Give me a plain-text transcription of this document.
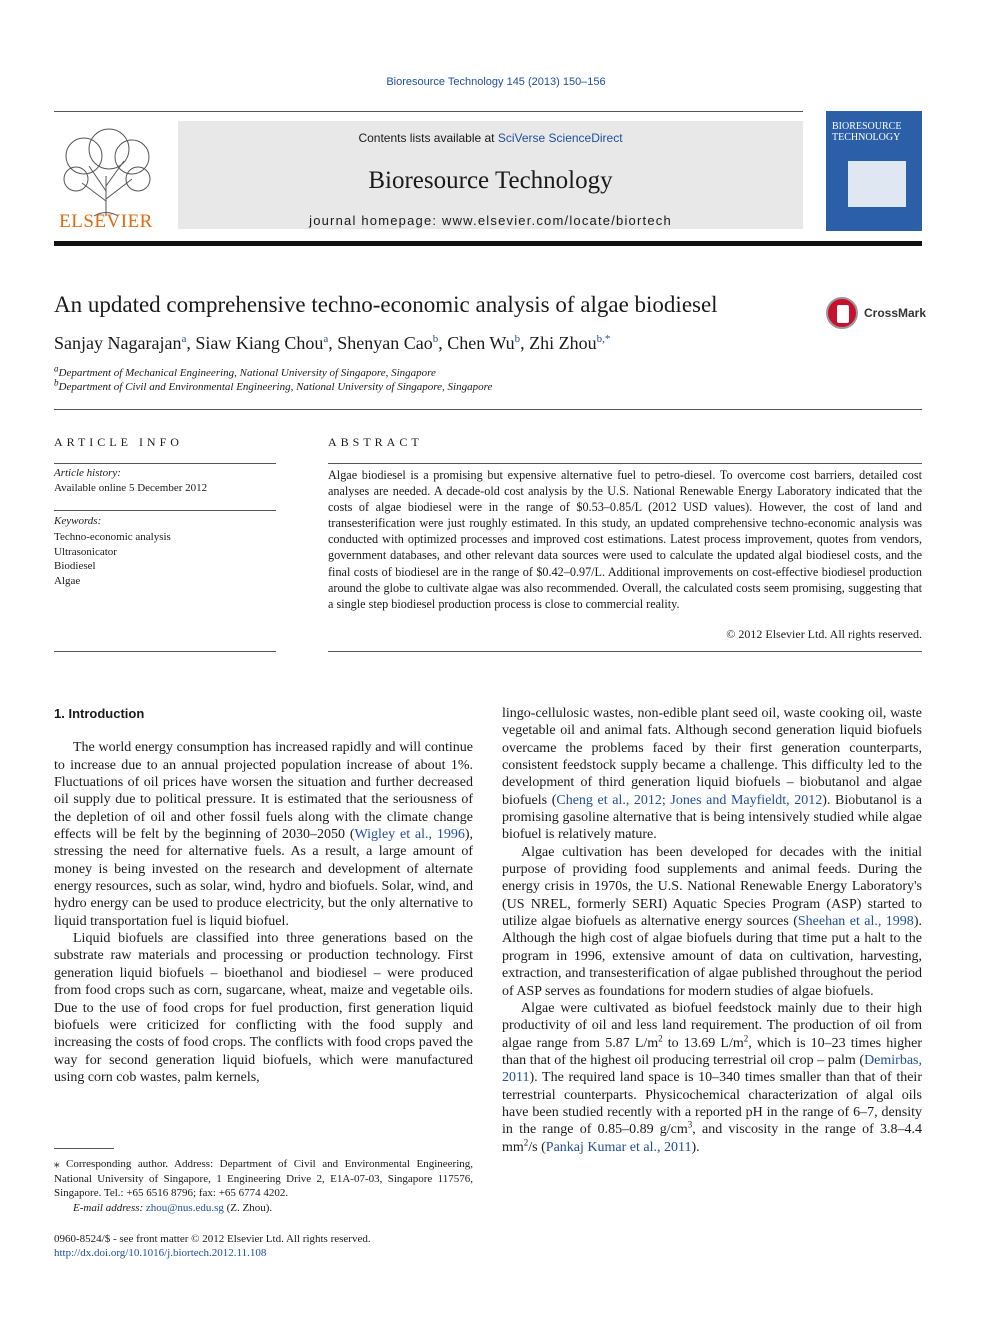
Bioresource Technology 145 (2013) 150–156
ELSEVIER
Contents lists available at SciVerse ScienceDirect
Bioresource Technology
journal homepage: www.elsevier.com/locate/biortech
BIORESOURCE TECHNOLOGY
An updated comprehensive techno-economic analysis of algae biodiesel	CrossMark
Sanjay Nagarajan$^a$, Siaw Kiang Chou$^a$, Shenyan Cao$^b$, Chen Wu$^b$, Zhi Zhou$^{b,*}$
$^a$Department of Mechanical Engineering, National University of Singapore, Singapore
$^b$Department of Civil and Environmental Engineering, National University of Singapore, Singapore
ARTICLE INFO	ABSTRACT
Article history:
Available online 5 December 2012
Keywords:
Techno-economic analysis
Ultrasonicator
Biodiesel
Algae
Algae biodiesel is a promising but expensive alternative fuel to petro-diesel. To overcome cost barriers, detailed cost analyses are needed. A decade-old cost analysis by the U.S. National Renewable Energy Laboratory indicated that the costs of algae biodiesel were in the range of $0.53–0.85/L (2012 USD values). However, the cost of land and transesterification were just roughly estimated. In this study, an updated comprehensive techno-economic analysis was conducted with optimized processes and improved cost estimations. Latest process improvement, quotes from vendors, government databases, and other relevant data sources were used to calculate the updated algal biodiesel costs, and the final costs of biodiesel are in the range of $0.42–0.97/L. Additional improvements on cost-effective biodiesel production around the globe to cultivate algae was also recommended. Overall, the calculated costs seem promising, suggesting that a single step biodiesel production process is close to commercial reality.
© 2012 Elsevier Ltd. All rights reserved.
1. Introduction

The world energy consumption has increased rapidly and will continue to increase due to an annual projected population increase of about 1%. Fluctuations of oil prices have worsen the situation and further decreased oil supply due to political pressure. It is estimated that the seriousness of the depletion of oil and other fossil fuels along with the climate change effects will be felt by the beginning of 2030–2050 (Wigley et al., 1996), stressing the need for alternative fuels. As a result, a large amount of money is being invested on the research and development of alternate energy resources, such as solar, wind, hydro and biofuels. Solar, wind, and hydro energy can be used to produce electricity, but the only alternative to liquid transportation fuel is liquid biofuel.

Liquid biofuels are classified into three generations based on the substrate raw materials and processing or production technology. First generation liquid biofuels – bioethanol and biodiesel – were produced from food crops such as corn, sugarcane, wheat, maize and vegetable oils. Due to the use of food crops for fuel production, first generation liquid biofuels were criticized for conflicting with the food supply and increasing the costs of food crops. The conflicts with food crops paved the way for second generation liquid biofuels, which were manufactured using corn cob wastes, palm kernels,

lingo-cellulosic wastes, non-edible plant seed oil, waste cooking oil, waste vegetable oil and animal fats. Although second generation liquid biofuels overcame the problems faced by their first generation counterparts, consistent feedstock supply became a challenge. This difficulty led to the development of third generation liquid biofuels – biobutanol and algae biofuels (Cheng et al., 2012; Jones and Mayfieldt, 2012). Biobutanol is a promising gasoline alternative that is being intensively studied while algae biofuel is relatively mature.

Algae cultivation has been developed for decades with the initial purpose of providing food supplements and animal feeds. During the energy crisis in 1970s, the U.S. National Renewable Energy Laboratory's (US NREL, formerly SERI) Aquatic Species Program (ASP) started to utilize algae biofuels as alternative energy sources (Sheehan et al., 1998). Although the high cost of algae biofuels during that time put a halt to the program in 1996, extensive amount of data on cultivation, harvesting, extraction, and transesterification of algae published throughout the period of ASP serves as foundations for modern studies of algae biofuels.

Algae were cultivated as biofuel feedstock mainly due to their high productivity of oil and less land requirement. The production of oil from algae range from 5.87 $L/m^2$ to 13.69 $L/m^2$, which is 10–23 times higher than that of the highest oil producing terrestrial oil crop – palm (Demirbas, 2011). The required land space is 10–340 times smaller than that of their terrestrial counterparts. Physicochemical characterization of algal oils have been studied recently with a reported pH in the range of 6–7, density in the range of 0.85–0.89 $g/cm^3$, and viscosity in the range of 3.8–4.4 $mm^2/s$ (Pankaj Kumar et al., 2011).

⁎ Corresponding author. Address: Department of Civil and Environmental Engineering, National University of Singapore, 1 Engineering Drive 2, E1A-07-03, Singapore 117576, Singapore. Tel.: +65 6516 8796; fax: +65 6774 4202.
E-mail address: zhou@nus.edu.sg (Z. Zhou).
0960-8524/$ - see front matter © 2012 Elsevier Ltd. All rights reserved.
http://dx.doi.org/10.1016/j.biortech.2012.11.108
